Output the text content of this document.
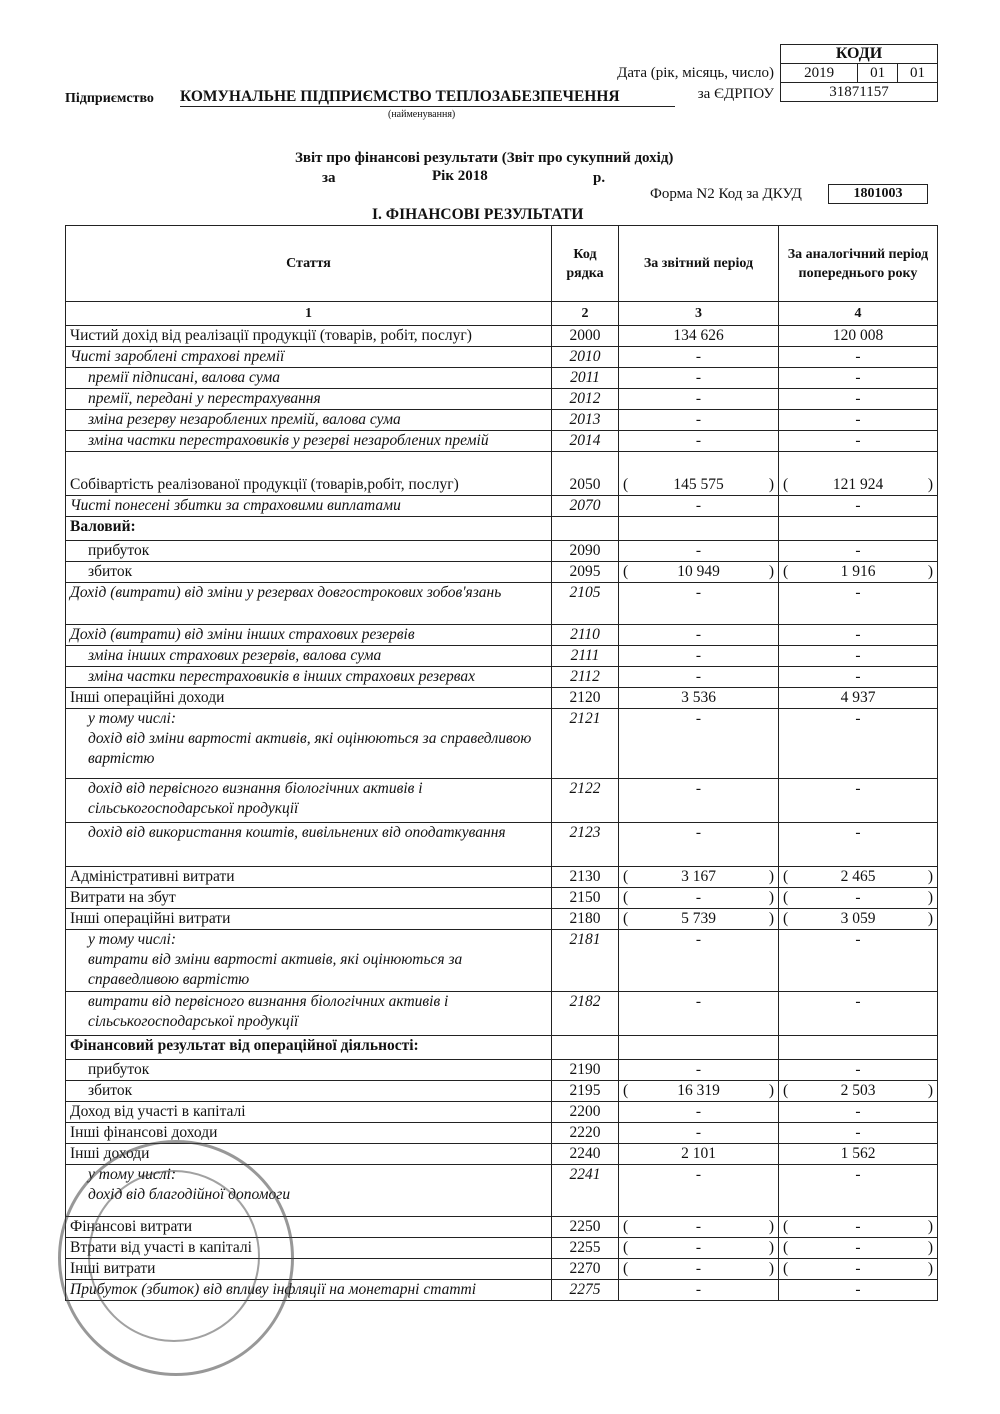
КОДИ
2019	01	01
31871157
Дата (рік, місяць, число)
за ЄДРПОУ
Підприємство КОМУНАЛЬНЕ ПІДПРИЄМСТВО ТЕПЛОЗАБЕЗПЕЧЕННЯ
(найменування)
Звіт про фінансові результати (Звіт про сукупний дохід)
за	Рік 2018	р.
Форма N2 Код за ДКУД	1801003
I. ФІНАНСОВІ РЕЗУЛЬТАТИ
Стаття	Код рядка	За звітний період	За аналогічний період попереднього року
1	2	3	4

Чистий дохід від реалізації продукції (товарів, робіт, послуг)	2000	134 626	120 008

Чисті зароблені страхові премії	2010	-	-

премії підписані, валова сума	2011	-	-

премії, передані у перестрахування	2012	-	-

зміна резерву незароблених премій, валова сума	2013	-	-

зміна частки перестраховиків у резерві незароблених премій	2014	-	-

Собівартість реалізованої продукції (товарів,робіт, послуг)	2050	( 145 575 )	( 121 924 )

Чисті понесені збитки за страховими виплатами	2070	-	-

Валовий:			

прибуток	2090	-	-

збиток	2095	( 10 949 )	( 1 916 )

Дохід (витрати) від зміни у резервах довгострокових зобов'язань	2105	-	-

Дохід (витрати) від зміни інших страхових резервів	2110	-	-

зміна інших страхових резервів, валова сума	2111	-	-

зміна частки перестраховиків в інших страхових резервах	2112	-	-

Інші операційні доходи	2120	3 536	4 937

у тому числі:
дохід від зміни вартості активів, які оцінюються за справедливою вартістю	2121	-	-

дохід від первісного визнання біологічних активів і сільськогосподарської продукції	2122	-	-

дохід від використання коштів, вивільнених від оподаткування	2123	-	-

Адміністративні витрати	2130	( 3 167 )	( 2 465 )

Витрати на збут	2150	( - )	( - )

Інші операційні витрати	2180	( 5 739 )	( 3 059 )

у тому числі:
витрати від зміни вартості активів, які оцінюються за справедливою вартістю	2181	-	-

витрати від первісного визнання біологічних активів і сільськогосподарської продукції	2182	-	-

Фінансовий результат від операційної діяльності:			

прибуток	2190	-	-

збиток	2195	( 16 319 )	( 2 503 )

Доход від участі в капіталі	2200	-	-

Інші фінансові доходи	2220	-	-

Інші доходи	2240	2 101	1 562

у тому числі:
дохід від благодійної допомоги	2241	-	-

Фінансові витрати	2250	( - )	( - )

Втрати від участі в капіталі	2255	( - )	( - )

Інші витрати	2270	( - )	( - )

Прибуток (збиток) від впливу інфляції на монетарні статті	2275	-	-
